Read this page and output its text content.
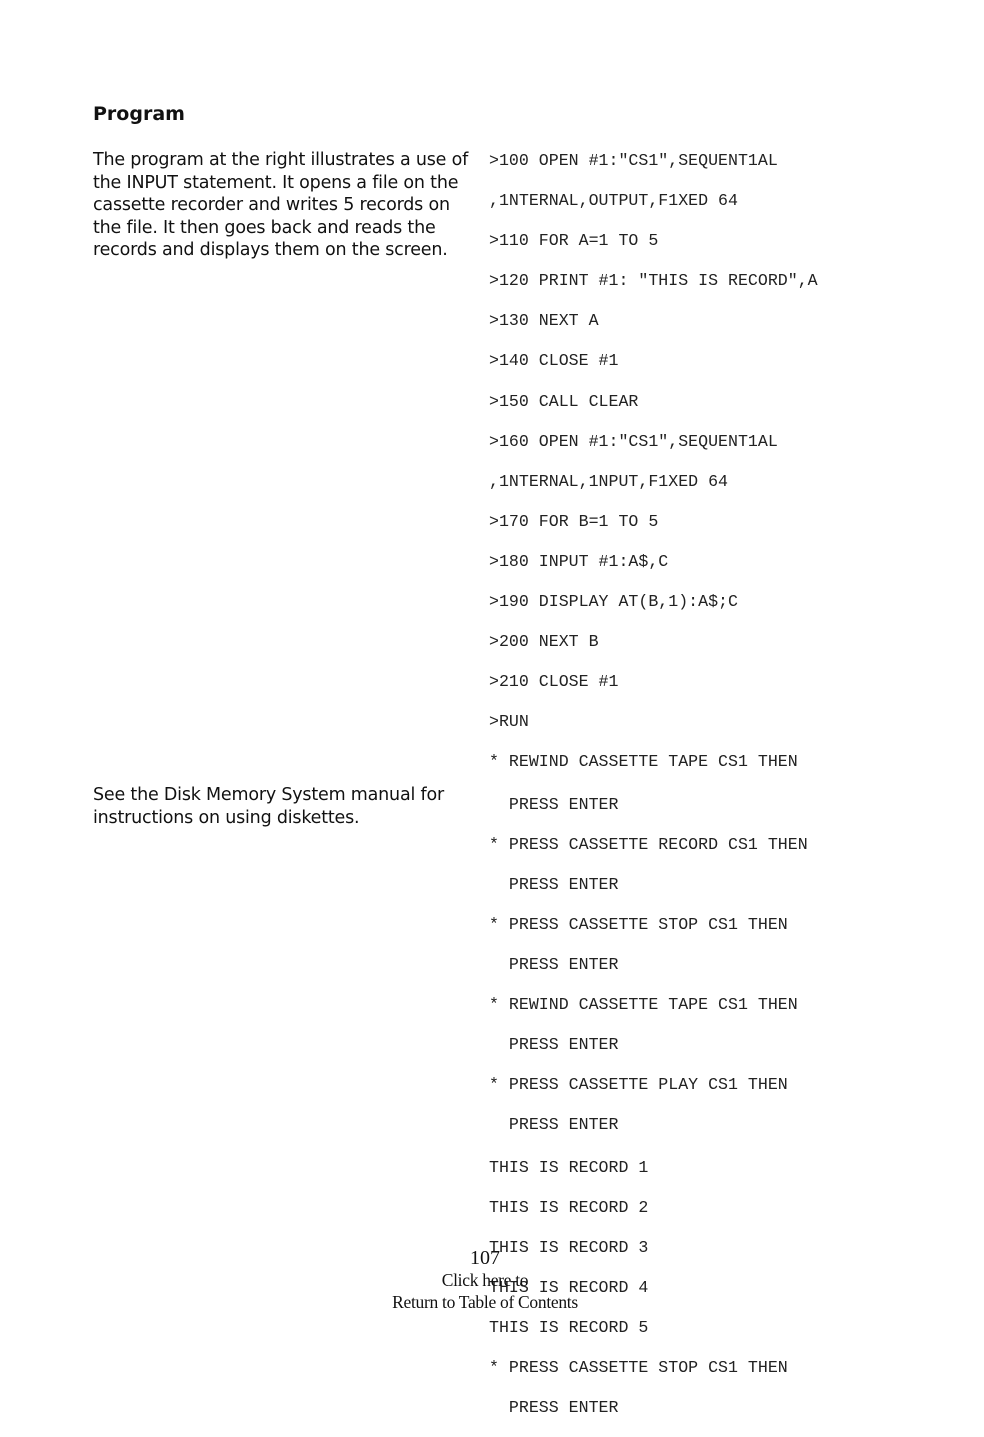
Program

The program at the right illustrates a use of
the INPUT statement. It opens a file on the
cassette recorder and writes 5 records on
the file. It then goes back and reads the
records and displays them on the screen.

See the Disk Memory System manual for
instructions on using diskettes.

>100 OPEN #1:"CS1",SEQUENT1AL

,1NTERNAL,OUTPUT,F1XED 64

>110 FOR A=1 TO 5

>120 PRINT #1: "THIS IS RECORD",A

>130 NEXT A

>140 CLOSE #1

>150 CALL CLEAR

>160 OPEN #1:"CS1",SEQUENT1AL

,1NTERNAL,1NPUT,F1XED 64

>170 FOR B=1 TO 5

>180 INPUT #1:A$,C

>190 DISPLAY AT(B,1):A$;C

>200 NEXT B

>210 CLOSE #1

>RUN

* REWIND CASSETTE TAPE CS1 THEN

PRESS ENTER

* PRESS CASSETTE RECORD CS1 THEN

PRESS ENTER

* PRESS CASSETTE STOP CS1 THEN

PRESS ENTER

* REWIND CASSETTE TAPE CS1 THEN

PRESS ENTER

* PRESS CASSETTE PLAY CS1 THEN

PRESS ENTER

THIS IS RECORD 1

THIS IS RECORD 2

THIS IS RECORD 3

THIS IS RECORD 4

THIS IS RECORD 5

* PRESS CASSETTE STOP CS1 THEN

PRESS ENTER

107
Click here to
Return to Table of Contents
